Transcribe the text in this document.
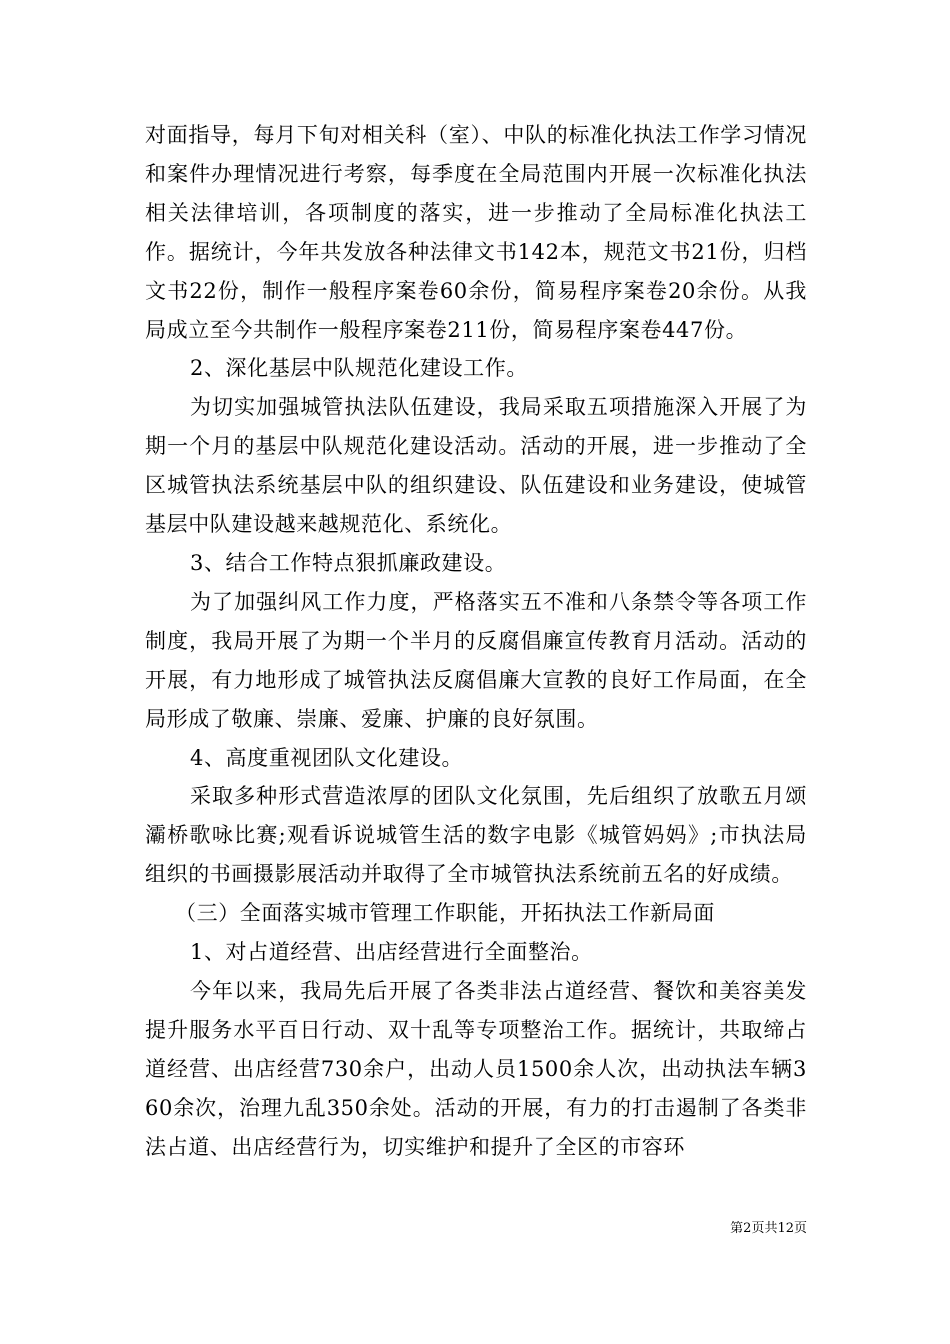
对面指导，每月下旬对相关科（室）、中队的标准化执法工作学习情况和案件办理情况进行考察，每季度在全局范围内开展一次标准化执法相关法律培训，各项制度的落实，进一步推动了全局标准化执法工作。据统计，今年共发放各种法律文书142本，规范文书21份，归档文书22份，制作一般程序案卷60余份，简易程序案卷20余份。从我局成立至今共制作一般程序案卷211份，简易程序案卷447份。

2、深化基层中队规范化建设工作。

为切实加强城管执法队伍建设，我局采取五项措施深入开展了为期一个月的基层中队规范化建设活动。活动的开展，进一步推动了全区城管执法系统基层中队的组织建设、队伍建设和业务建设，使城管基层中队建设越来越规范化、系统化。

3、结合工作特点狠抓廉政建设。

为了加强纠风工作力度，严格落实五不准和八条禁令等各项工作制度，我局开展了为期一个半月的反腐倡廉宣传教育月活动。活动的开展，有力地形成了城管执法反腐倡廉大宣教的良好工作局面，在全局形成了敬廉、崇廉、爱廉、护廉的良好氛围。

4、高度重视团队文化建设。

采取多种形式营造浓厚的团队文化氛围，先后组织了放歌五月颂灞桥歌咏比赛;观看诉说城管生活的数字电影《城管妈妈》;市执法局组织的书画摄影展活动并取得了全市城管执法系统前五名的好成绩。

（三）全面落实城市管理工作职能，开拓执法工作新局面

1、对占道经营、出店经营进行全面整治。

今年以来，我局先后开展了各类非法占道经营、餐饮和美容美发提升服务水平百日行动、双十乱等专项整治工作。据统计，共取缔占道经营、出店经营730余户，出动人员1500余人次，出动执法车辆360余次，治理九乱350余处。活动的开展，有力的打击遏制了各类非法占道、出店经营行为，切实维护和提升了全区的市容环

第2页共12页
